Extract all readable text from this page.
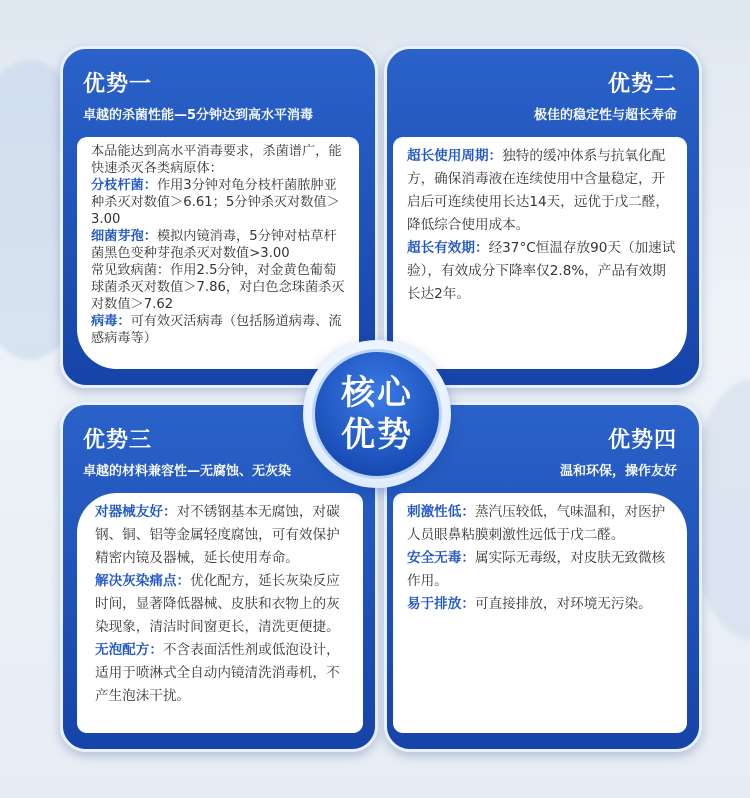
优势一
卓越的杀菌性能—5分钟达到高水平消毒

本品能达到高水平消毒要求，杀菌谱广，能快速杀灭各类病原体：

分枝杆菌：作用3分钟对龟分枝杆菌脓肿亚种杀灭对数值＞6.61；5分钟杀灭对数值＞3.00

细菌芽孢：模拟内镜消毒，5分钟对枯草杆菌黑色变种芽孢杀灭对数值>3.00

常见致病菌：作用2.5分钟，对金黄色葡萄球菌杀灭对数值＞7.86，对白色念珠菌杀灭对数值＞7.62

病毒：可有效灭活病毒（包括肠道病毒、流感病毒等）

优势二
极佳的稳定性与超长寿命

超长使用周期：独特的缓冲体系与抗氧化配方，确保消毒液在连续使用中含量稳定，开启后可连续使用长达14天，远优于戊二醛，降低综合使用成本。

超长有效期：经37°C恒温存放90天（加速试验），有效成分下降率仅2.8%，产品有效期长达2年。

优势三
卓越的材料兼容性—无腐蚀、无灰染

对器械友好：对不锈钢基本无腐蚀，对碳钢、铜、铝等金属轻度腐蚀，可有效保护精密内镜及器械，延长使用寿命。

解决灰染痛点：优化配方，延长灰染反应时间，显著降低器械、皮肤和衣物上的灰染现象，清洁时间窗更长，清洗更便捷。

无泡配方：不含表面活性剂或低泡设计，适用于喷淋式全自动内镜清洗消毒机，不产生泡沫干扰。

优势四
温和环保，操作友好

刺激性低：蒸汽压较低，气味温和，对医护人员眼鼻粘膜刺激性远低于戊二醛。

安全无毒：属实际无毒级，对皮肤无致微核作用。

易于排放：可直接排放，对环境无污染。

核心
优势
